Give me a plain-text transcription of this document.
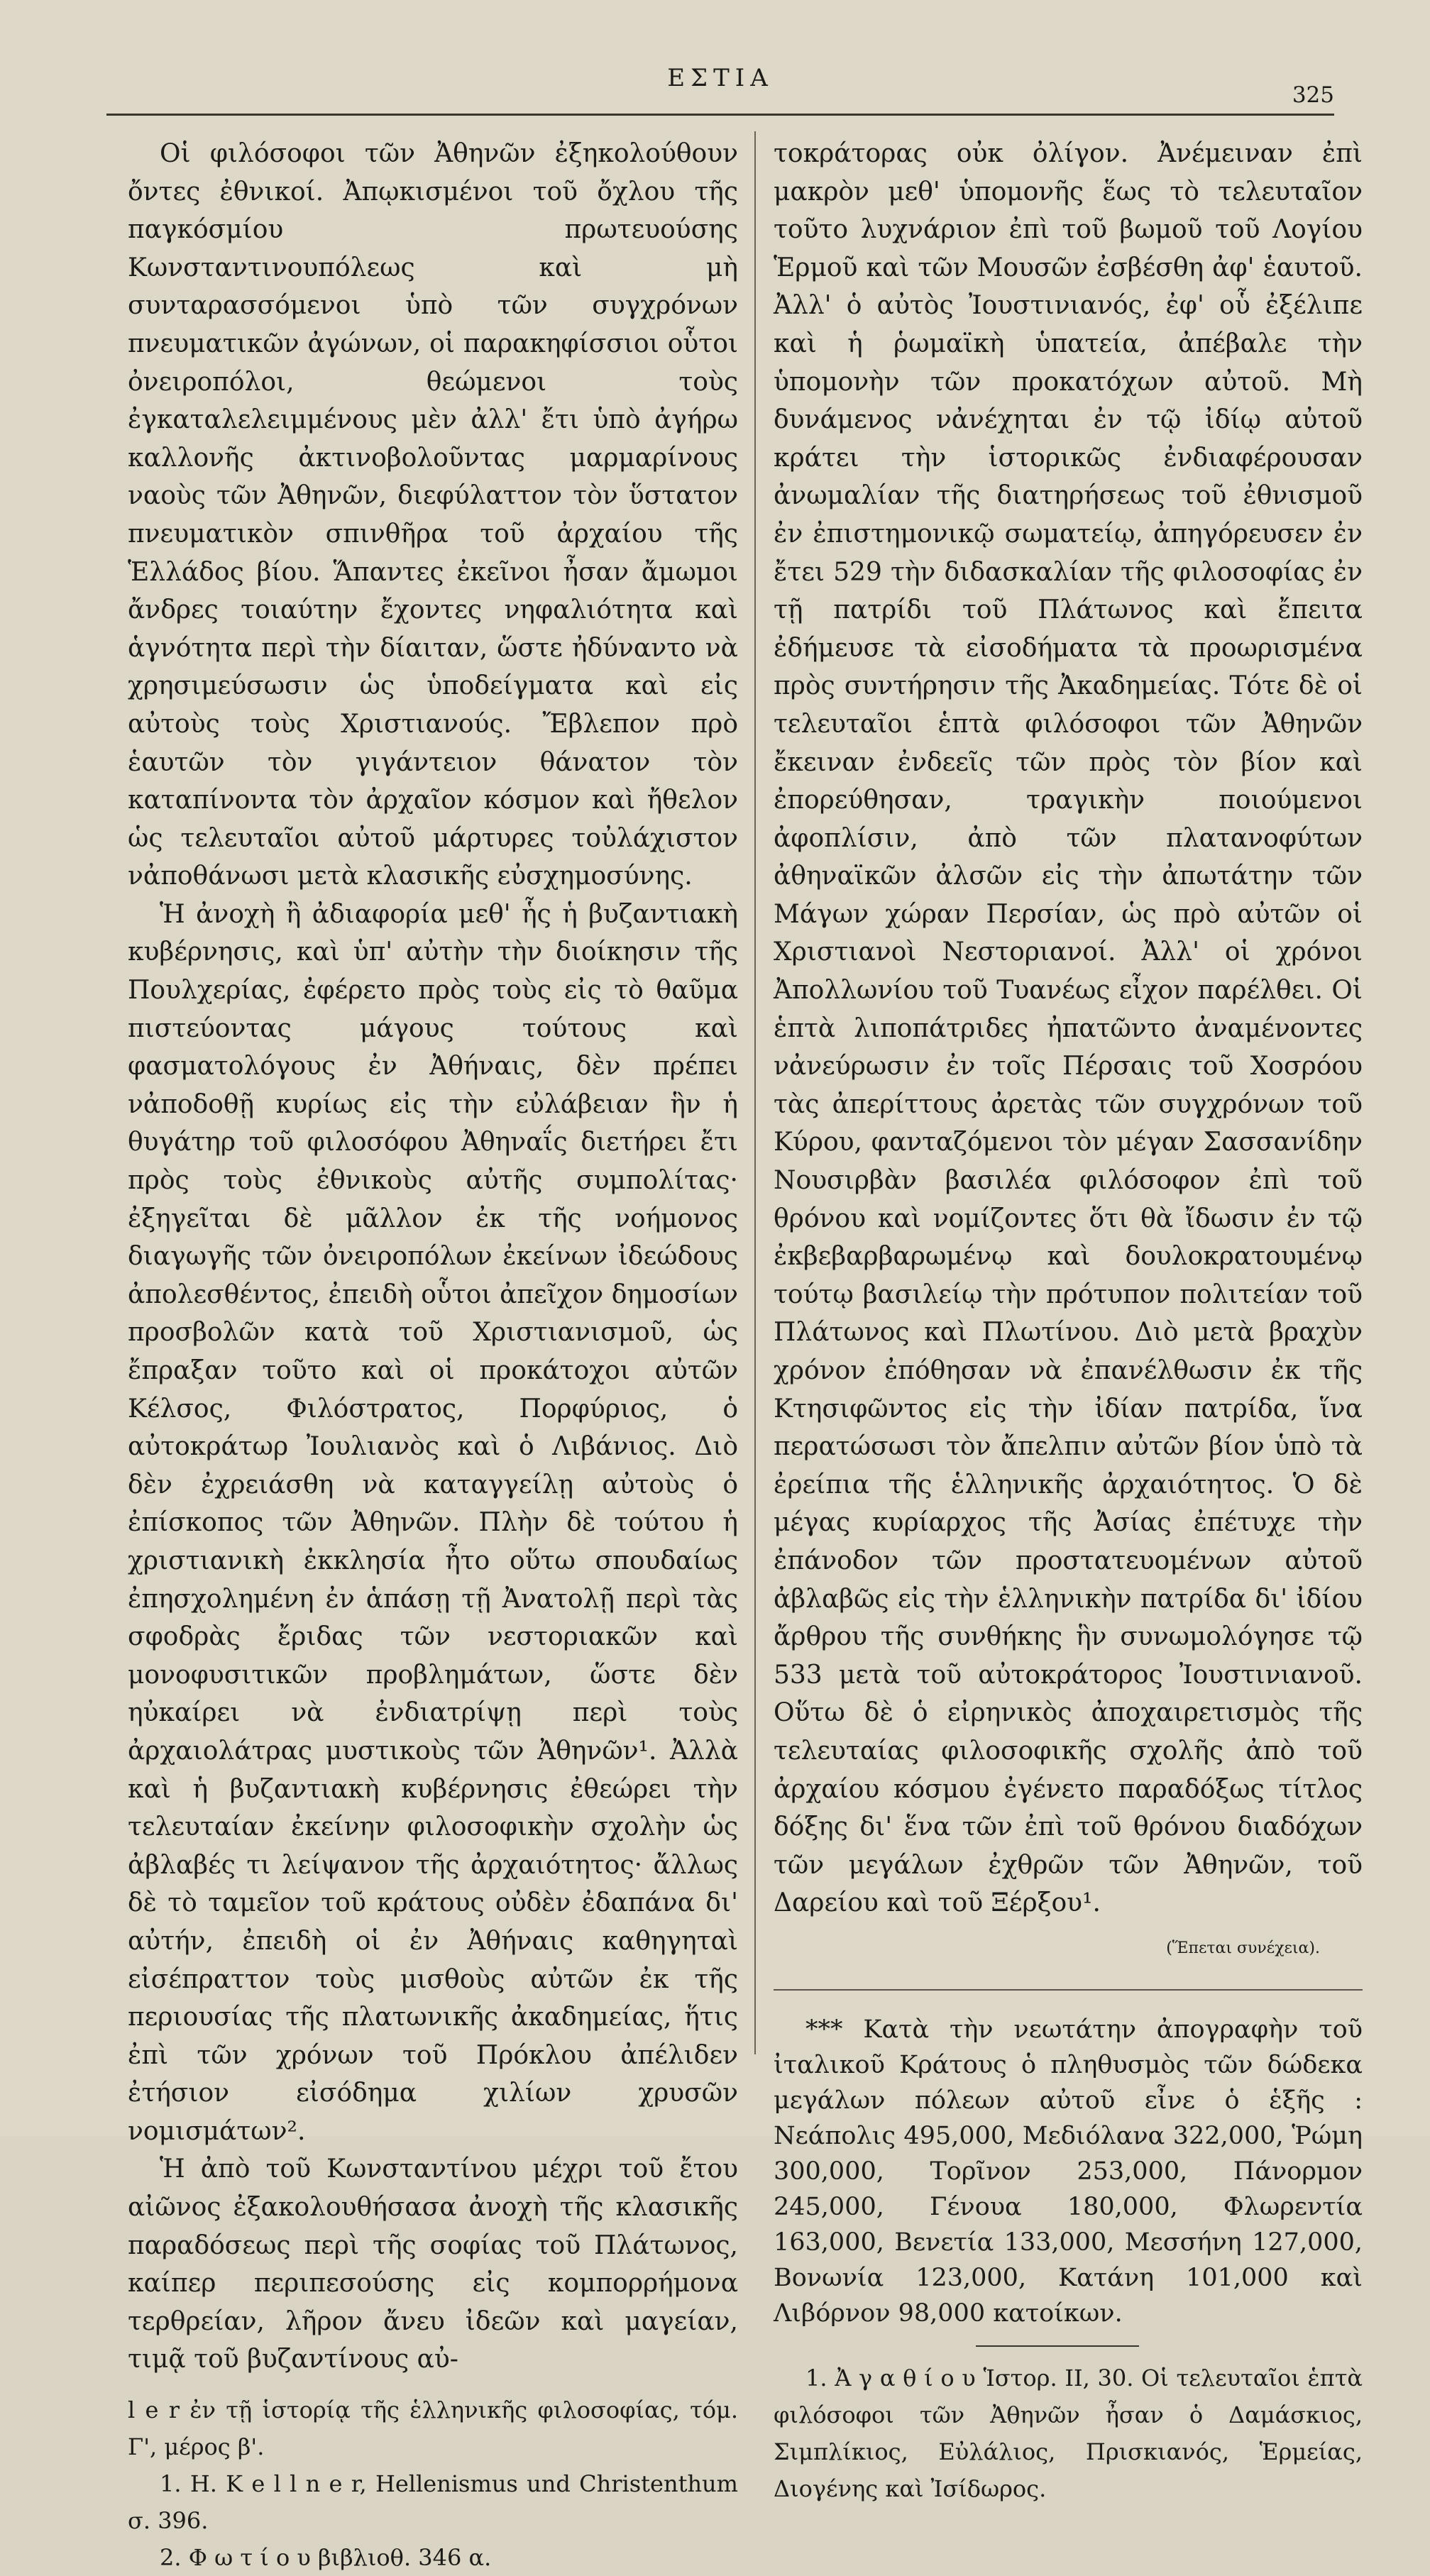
ΕΣΤΙΑ
325

Οἱ φιλόσοφοι τῶν Ἀθηνῶν ἐξηκολούθουν ὄντες ἐθνικοί. Ἀπῳκισμένοι τοῦ ὄχλου τῆς παγκόσμίου πρωτευούσης Κωνσταντινουπόλεως καὶ μὴ συνταρασσόμενοι ὑπὸ τῶν συγχρόνων πνευματικῶν ἀγώνων, οἱ παρακηφίσσιοι οὗτοι ὀνειροπόλοι, θεώμενοι τοὺς ἐγκαταλελειμμένους μὲν ἀλλ' ἔτι ὑπὸ ἀγήρω καλλονῆς ἀκτινοβολοῦντας μαρμαρίνους ναοὺς τῶν Ἀθηνῶν, διεφύλαττον τὸν ὕστατον πνευματικὸν σπινθῆρα τοῦ ἀρχαίου τῆς Ἑλλάδος βίου. Ἅπαντες ἐκεῖνοι ἦσαν ἄμωμοι ἄνδρες τοιαύτην ἔχοντες νηφαλιότητα καὶ ἁγνότητα περὶ τὴν δίαιταν, ὥστε ἠδύναντο νὰ χρησιμεύσωσιν ὡς ὑποδείγματα καὶ εἰς αὐτοὺς τοὺς Χριστιανούς. Ἔβλεπον πρὸ ἑαυτῶν τὸν γιγάντειον θάνατον τὸν καταπίνοντα τὸν ἀρχαῖον κόσμον καὶ ἤθελον ὡς τελευταῖοι αὐτοῦ μάρτυρες τοὐλάχιστον νἀποθάνωσι μετὰ κλασικῆς εὐσχημοσύνης.

Ἡ ἀνοχὴ ἢ ἀδιαφορία μεθ' ἧς ἡ βυζαντιακὴ κυβέρνησις, καὶ ὑπ' αὐτὴν τὴν διοίκησιν τῆς Πουλχερίας, ἐφέρετο πρὸς τοὺς εἰς τὸ θαῦμα πιστεύοντας μάγους τούτους καὶ φασματολόγους ἐν Ἀθήναις, δὲν πρέπει νἀποδοθῇ κυρίως εἰς τὴν εὐλάβειαν ἣν ἡ θυγάτηρ τοῦ φιλοσόφου Ἀθηναΐς διετήρει ἔτι πρὸς τοὺς ἐθνικοὺς αὐτῆς συμπολίτας· ἐξηγεῖται δὲ μᾶλλον ἐκ τῆς νοήμονος διαγωγῆς τῶν ὀνειροπόλων ἐκείνων ἰδεώδους ἀπολεσθέντος, ἐπειδὴ οὗτοι ἀπεῖχον δημοσίων προσβολῶν κατὰ τοῦ Χριστιανισμοῦ, ὡς ἔπραξαν τοῦτο καὶ οἱ προκάτοχοι αὐτῶν Κέλσος, Φιλόστρατος, Πορφύριος, ὁ αὐτοκράτωρ Ἰουλιανὸς καὶ ὁ Λιβάνιος. Διὸ δὲν ἐχρειάσθη νὰ καταγγείλῃ αὐτοὺς ὁ ἐπίσκοπος τῶν Ἀθηνῶν. Πλὴν δὲ τούτου ἡ χριστιανικὴ ἐκκλησία ἦτο οὕτω σπουδαίως ἐπησχολημένη ἐν ἁπάσῃ τῇ Ἀνατολῇ περὶ τὰς σφοδρὰς ἔριδας τῶν νεστοριακῶν καὶ μονοφυσιτικῶν προβλημάτων, ὥστε δὲν ηὐκαίρει νὰ ἐνδιατρίψῃ περὶ τοὺς ἀρχαιολάτρας μυστικοὺς τῶν Ἀθηνῶν¹. Ἀλλὰ καὶ ἡ βυζαντιακὴ κυβέρνησις ἐθεώρει τὴν τελευταίαν ἐκείνην φιλοσοφικὴν σχολὴν ὡς ἀβλαβές τι λείψανον τῆς ἀρχαιότητος· ἄλλως δὲ τὸ ταμεῖον τοῦ κράτους οὐδὲν ἐδαπάνα δι' αὐτήν, ἐπειδὴ οἱ ἐν Ἀθήναις καθηγηταὶ εἰσέπραττον τοὺς μισθοὺς αὐτῶν ἐκ τῆς περιουσίας τῆς πλατωνικῆς ἀκαδημείας, ἥτις ἐπὶ τῶν χρόνων τοῦ Πρόκλου ἀπέλιδεν ἐτήσιον εἰσόδημα χιλίων χρυσῶν νομισμάτων².

Ἡ ἀπὸ τοῦ Κωνσταντίνου μέχρι τοῦ ἔτου αἰῶνος ἐξακολουθήσασα ἀνοχὴ τῆς κλασικῆς παραδόσεως περὶ τῆς σοφίας τοῦ Πλάτωνος, καίπερ περιπεσούσης εἰς κομπορρήμονα τερθρείαν, λῆρον ἄνευ ἰδεῶν καὶ μαγείαν, τιμᾷ τοῦ βυζαντίνους αὐ-

l e r ἐν τῇ ἱστορίᾳ τῆς ἑλληνικῆς φιλοσοφίας, τόμ. Γ', μέρος β'.

1. H. K e l l n e r, Hellenismus und Christenthum σ. 396.

2. Φ ω τ ί ο υ βιβλιοθ. 346 α.

τοκράτορας οὐκ ὀλίγον. Ἀνέμειναν ἐπὶ μακρὸν μεθ' ὑπομονῆς ἕως τὸ τελευταῖον τοῦτο λυχνάριον ἐπὶ τοῦ βωμοῦ τοῦ Λογίου Ἑρμοῦ καὶ τῶν Μουσῶν ἐσβέσθη ἀφ' ἑαυτοῦ. Ἀλλ' ὁ αὐτὸς Ἰουστινιανός, ἐφ' οὗ ἐξέλιπε καὶ ἡ ῥωμαϊκὴ ὑπατεία, ἀπέβαλε τὴν ὑπομονὴν τῶν προκατόχων αὐτοῦ. Μὴ δυνάμενος νἀνέχηται ἐν τῷ ἰδίῳ αὐτοῦ κράτει τὴν ἱστορικῶς ἐνδιαφέρουσαν ἀνωμαλίαν τῆς διατηρήσεως τοῦ ἐθνισμοῦ ἐν ἐπιστημονικῷ σωματείῳ, ἀπηγόρευσεν ἐν ἔτει 529 τὴν διδασκαλίαν τῆς φιλοσοφίας ἐν τῇ πατρίδι τοῦ Πλάτωνος καὶ ἔπειτα ἐδήμευσε τὰ εἰσοδήματα τὰ προωρισμένα πρὸς συντήρησιν τῆς Ἀκαδημείας. Τότε δὲ οἱ τελευταῖοι ἑπτὰ φιλόσοφοι τῶν Ἀθηνῶν ἔκειναν ἐνδεεῖς τῶν πρὸς τὸν βίον καὶ ἐπορεύθησαν, τραγικὴν ποιούμενοι ἀφοπλίσιν, ἀπὸ τῶν πλατανοφύτων ἀθηναϊκῶν ἀλσῶν εἰς τὴν ἀπωτάτην τῶν Μάγων χώραν Περσίαν, ὡς πρὸ αὐτῶν οἱ Χριστιανοὶ Νεστοριανοί. Ἀλλ' οἱ χρόνοι Ἀπολλωνίου τοῦ Τυανέως εἶχον παρέλθει. Οἱ ἑπτὰ λιποπάτριδες ἠπατῶντο ἀναμένοντες νἀνεύρωσιν ἐν τοῖς Πέρσαις τοῦ Χοσρόου τὰς ἀπερίττους ἀρετὰς τῶν συγχρόνων τοῦ Κύρου, φανταζόμενοι τὸν μέγαν Σασσανίδην Νουσιρβὰν βασιλέα φιλόσοφον ἐπὶ τοῦ θρόνου καὶ νομίζοντες ὅτι θὰ ἴδωσιν ἐν τῷ ἐκβεβαρβαρωμένῳ καὶ δουλοκρατουμένῳ τούτῳ βασιλείῳ τὴν πρότυπον πολιτείαν τοῦ Πλάτωνος καὶ Πλωτίνου. Διὸ μετὰ βραχὺν χρόνον ἐπόθησαν νὰ ἐπανέλθωσιν ἐκ τῆς Κτησιφῶντος εἰς τὴν ἰδίαν πατρίδα, ἵνα περατώσωσι τὸν ἄπελπιν αὐτῶν βίον ὑπὸ τὰ ἐρείπια τῆς ἑλληνικῆς ἀρχαιότητος. Ὁ δὲ μέγας κυρίαρχος τῆς Ἀσίας ἐπέτυχε τὴν ἐπάνοδον τῶν προστατευομένων αὐτοῦ ἀβλαβῶς εἰς τὴν ἑλληνικὴν πατρίδα δι' ἰδίου ἄρθρου τῆς συνθήκης ἣν συνωμολόγησε τῷ 533 μετὰ τοῦ αὐτοκράτορος Ἰουστινιανοῦ. Οὕτω δὲ ὁ εἰρηνικὸς ἀποχαιρετισμὸς τῆς τελευταίας φιλοσοφικῆς σχολῆς ἀπὸ τοῦ ἀρχαίου κόσμου ἐγένετο παραδόξως τίτλος δόξης δι' ἕνα τῶν ἐπὶ τοῦ θρόνου διαδόχων τῶν μεγάλων ἐχθρῶν τῶν Ἀθηνῶν, τοῦ Δαρείου καὶ τοῦ Ξέρξου¹.

(Ἕπεται συνέχεια).

*** Κατὰ τὴν νεωτάτην ἀπογραφὴν τοῦ ἰταλικοῦ Κράτους ὁ πληθυσμὸς τῶν δώδεκα μεγάλων πόλεων αὐτοῦ εἶνε ὁ ἑξῆς : Νεάπολις 495,000, Μεδιόλανα 322,000, Ῥώμη 300,000, Τορῖνον 253,000, Πάνορμον 245,000, Γένουα 180,000, Φλωρεντία 163,000, Βενετία 133,000, Μεσσήνη 127,000, Βονωνία 123,000, Κατάνη 101,000 καὶ Λιβόρνον 98,000 κατοίκων.

1. Ἀ γ α θ ί ο υ Ἱστορ. II, 30. Οἱ τελευταῖοι ἑπτὰ φιλόσοφοι τῶν Ἀθηνῶν ἦσαν ὁ Δαμάσκιος, Σιμπλίκιος, Εὐλάλιος, Πρισκιανός, Ἑρμείας, Διογένης καὶ Ἰσίδωρος.
